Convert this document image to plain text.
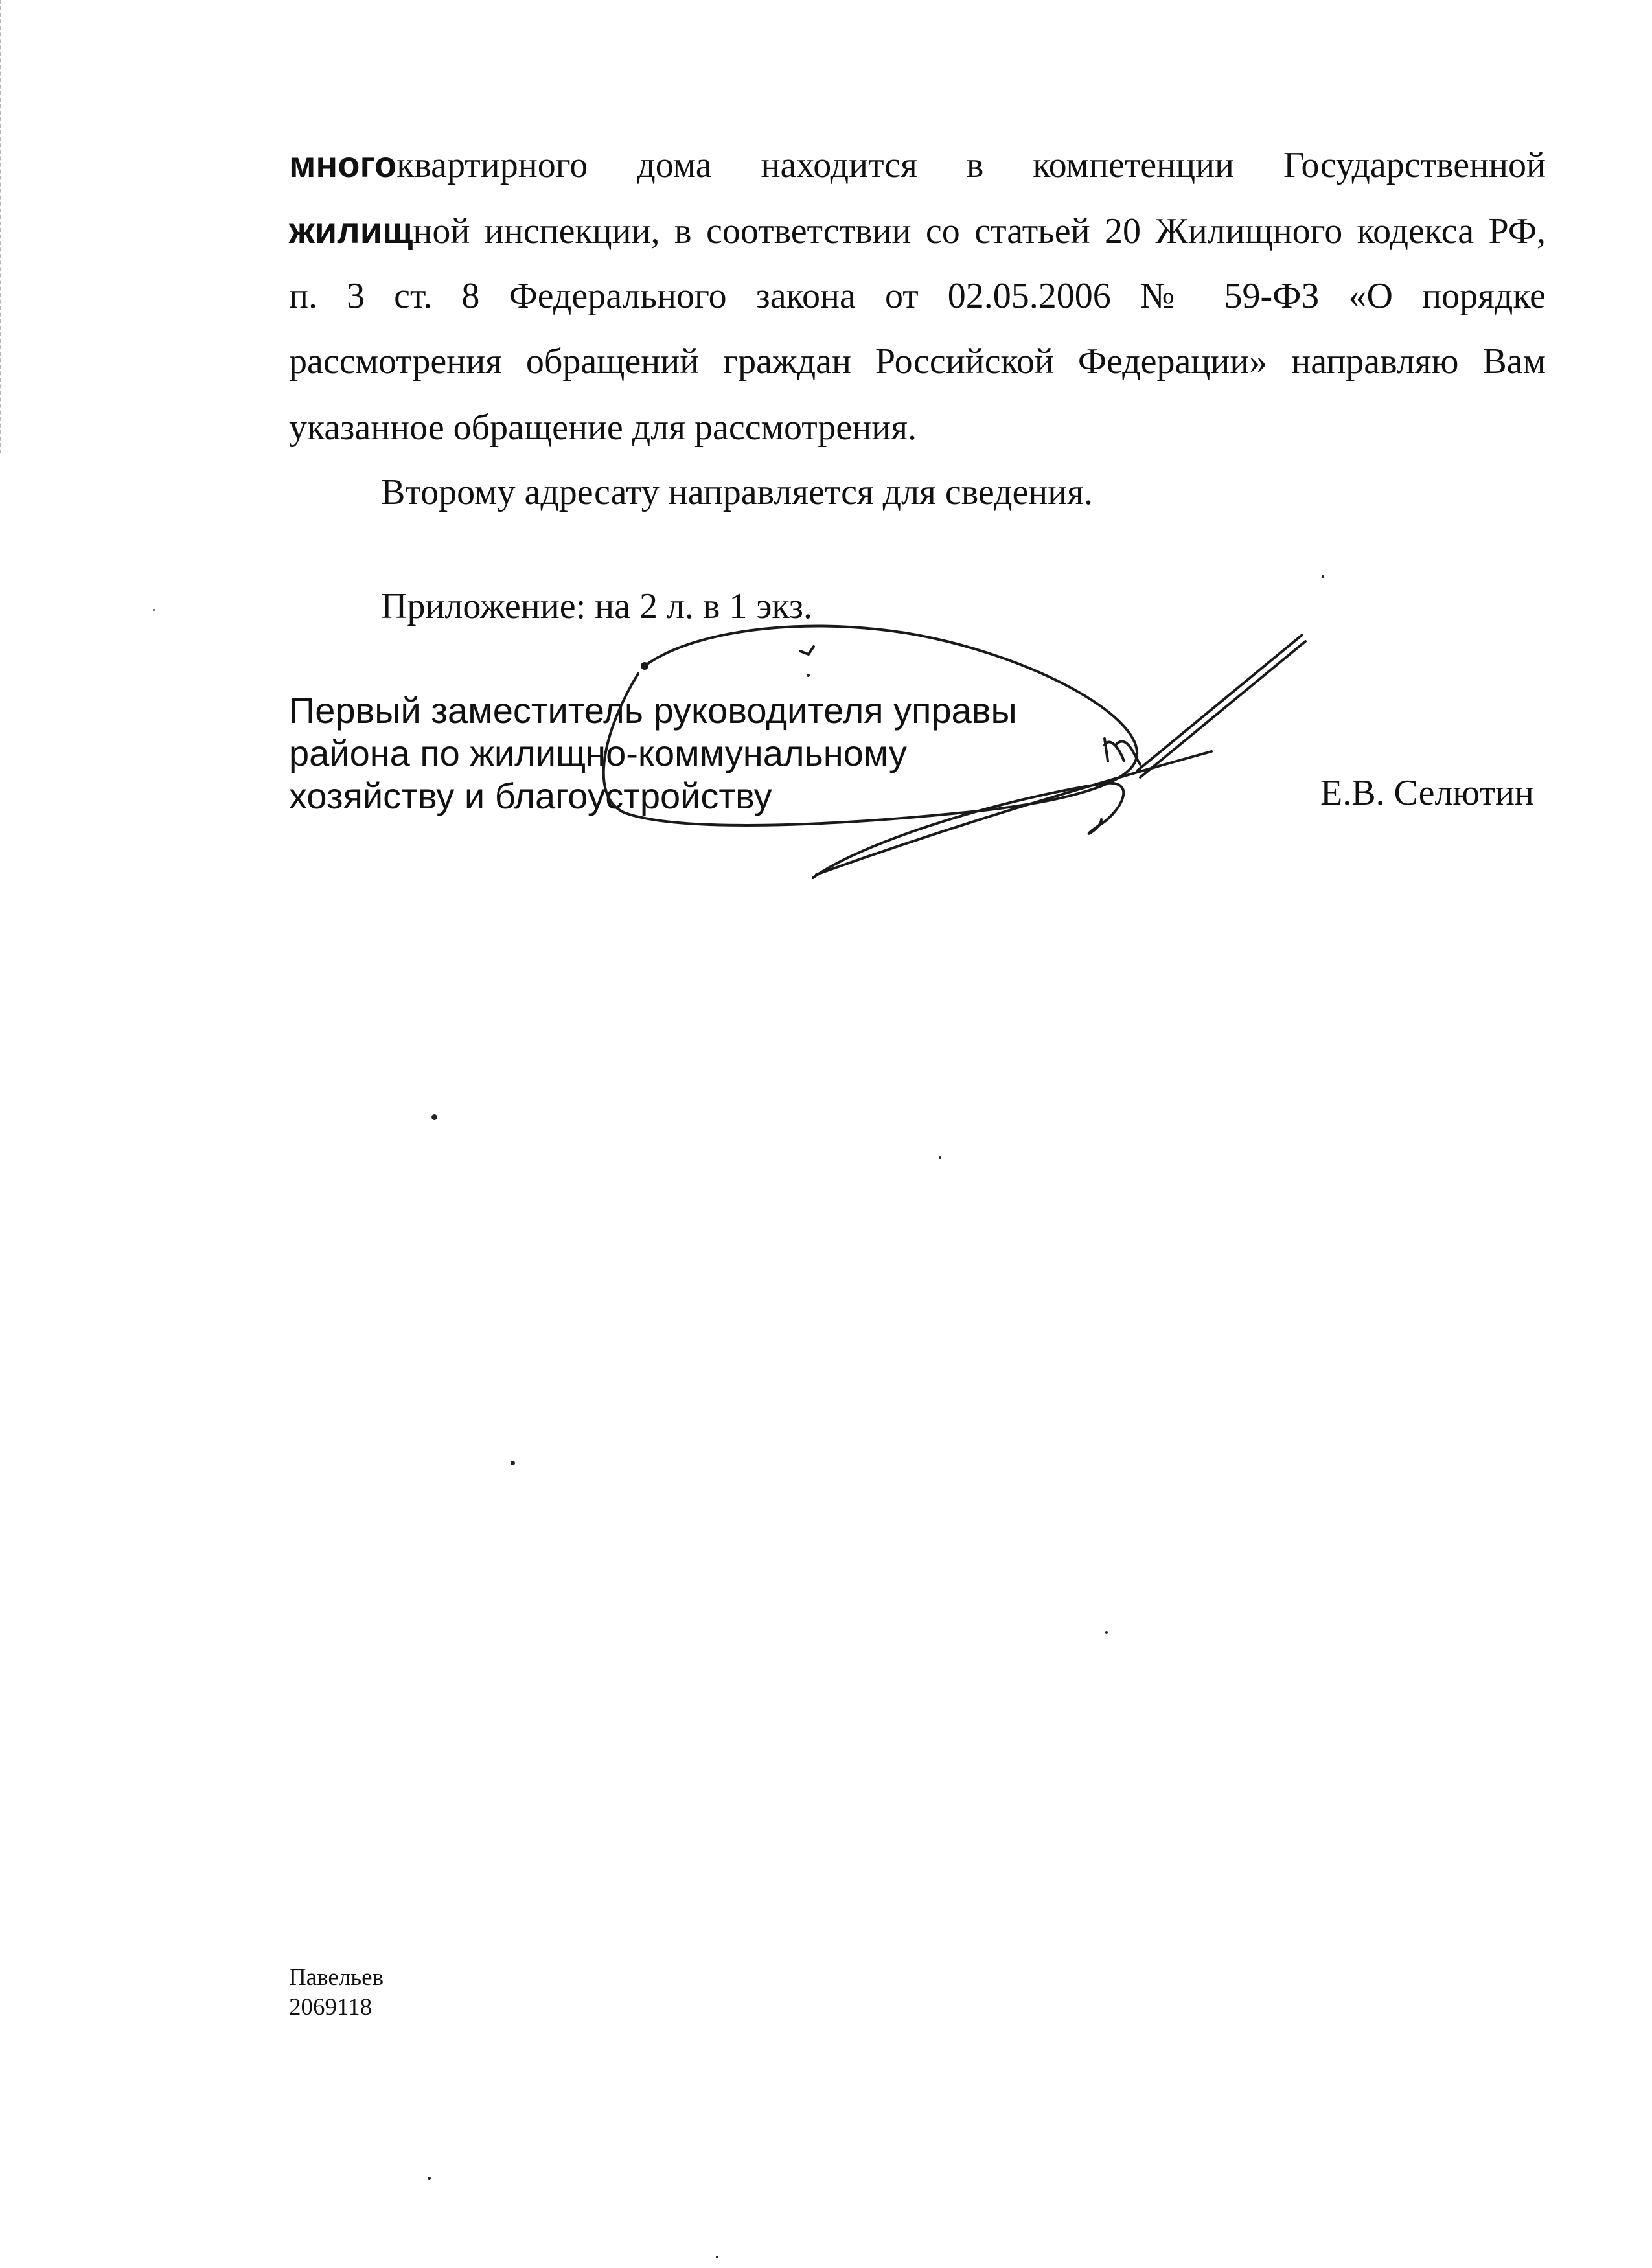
многоквартирного дома находится в компетенции Государственной
жилищной инспекции, в соответствии со статьей 20 Жилищного кодекса РФ,
п. 3 ст. 8 Федерального закона от 02.05.2006 № 59-ФЗ «О порядке
рассмотрения обращений граждан Российской Федерации» направляю Вам
указанное обращение для рассмотрения.
Второму адресату направляется для сведения.
Приложение: на 2 л. в 1 экз.
Первый заместитель руководителя управы
района по жилищно-коммунальному
хозяйству и благоустройству	Е.В. Селютин
Павельев
2069118
